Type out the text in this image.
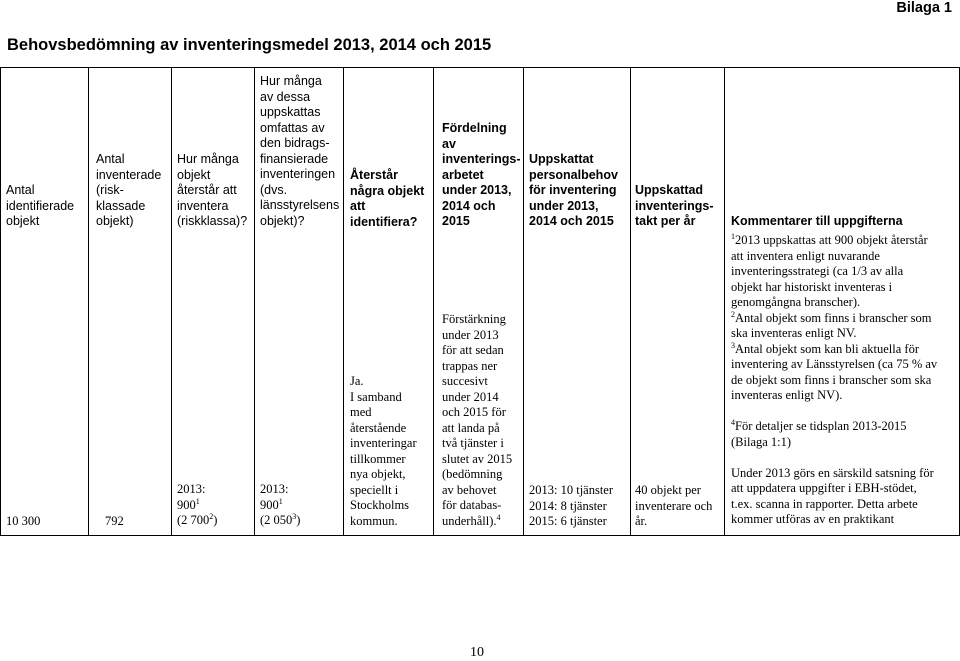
Bilaga 1
Behovsbedömning av inventeringsmedel 2013, 2014 och 2015
Antal
identifierade
objekt
Antal
inventerade
(risk-
klassade
objekt)
Hur många
objekt
återstår att
inventera
(riskklassa)?
Hur många
av dessa
uppskattas
omfattas av
den bidrags-
finansierade
inventeringen
(dvs.
länsstyrelsens
objekt)?
Återstår
några objekt
att
identifiera?
Fördelning
av
inventerings-
arbetet
under 2013,
2014 och
2015
Uppskattat
personalbehov
för inventering
under 2013,
2014 och 2015
Uppskattad
inventerings-
takt per år	Kommentarer till uppgifterna
10 300	792
2013:
$900^1$
(2 $700^2$)
2013:
$900^1$
(2 $050^3$)
Ja.
I samband
med
återstående
inventeringar
tillkommer
nya objekt,
speciellt i
Stockholms
kommun.
Förstärkning
under 2013
för att sedan
trappas ner
succesivt
under 2014
och 2015 för
att landa på
två tjänster i
slutet av 2015
(bedömning
av behovet
för databas-
underhåll).$^4$
2013: 10 tjänster
2014: 8 tjänster
2015: 6 tjänster
40 objekt per
inventerare och
år.
$^1$2013 uppskattas att 900 objekt återstår
att inventera enligt nuvarande
inventeringsstrategi (ca 1/3 av alla
objekt har historiskt inventeras i
genomgångna branscher).
$^2$Antal objekt som finns i branscher som
ska inventeras enligt NV.
$^3$Antal objekt som kan bli aktuella för
inventering av Länsstyrelsen (ca 75 % av
de objekt som finns i branscher som ska
inventeras enligt NV).
$^4$För detaljer se tidsplan 2013-2015
(Bilaga 1:1)
Under 2013 görs en särskild satsning för
att uppdatera uppgifter i EBH-stödet,
t.ex. scanna in rapporter. Detta arbete
kommer utföras av en praktikant
10
